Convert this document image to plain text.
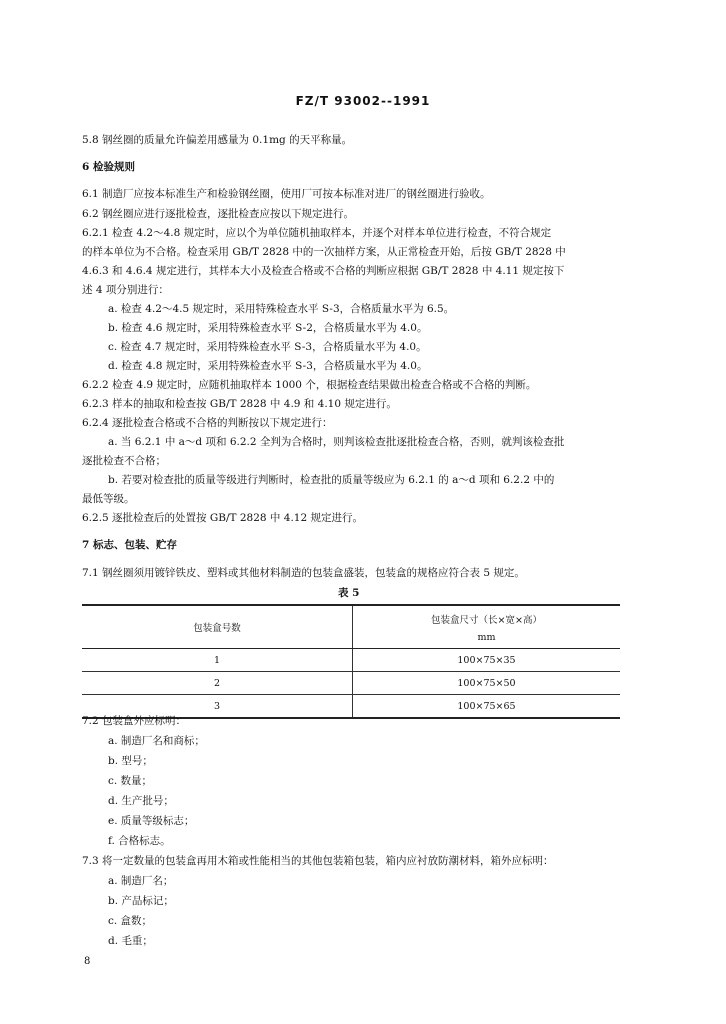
FZ/T 93002--1991
5.8 钢丝圈的质量允许偏差用感量为 0.1mg 的天平称量。
6 检验规则
6.1 制造厂应按本标准生产和检验钢丝圈，使用厂可按本标准对进厂的钢丝圈进行验收。
6.2 钢丝圈应进行逐批检查，逐批检查应按以下规定进行。
6.2.1 检查 4.2～4.8 规定时，应以个为单位随机抽取样本，并逐个对样本单位进行检查，不符合规定
的样本单位为不合格。检查采用 GB/T 2828 中的一次抽样方案，从正常检查开始，后按 GB/T 2828 中
4.6.3 和 4.6.4 规定进行，其样本大小及检查合格或不合格的判断应根据 GB/T 2828 中 4.11 规定按下
述 4 项分别进行：
a. 检查 4.2～4.5 规定时，采用特殊检查水平 S-3，合格质量水平为 6.5。
b. 检查 4.6 规定时，采用特殊检查水平 S-2，合格质量水平为 4.0。
c. 检查 4.7 规定时，采用特殊检查水平 S-3，合格质量水平为 4.0。
d. 检查 4.8 规定时，采用特殊检查水平 S-3，合格质量水平为 4.0。
6.2.2 检查 4.9 规定时，应随机抽取样本 1000 个，根据检查结果做出检查合格或不合格的判断。
6.2.3 样本的抽取和检查按 GB/T 2828 中 4.9 和 4.10 规定进行。
6.2.4 逐批检查合格或不合格的判断按以下规定进行：
a. 当 6.2.1 中 a～d 项和 6.2.2 全判为合格时，则判该检查批逐批检查合格，否则，就判该检查批
逐批检查不合格；
b. 若要对检查批的质量等级进行判断时，检查批的质量等级应为 6.2.1 的 a～d 项和 6.2.2 中的
最低等级。
6.2.5 逐批检查后的处置按 GB/T 2828 中 4.12 规定进行。
7 标志、包装、贮存
7.1 钢丝圈须用镀锌铁皮、塑料或其他材料制造的包装盒盛装，包装盒的规格应符合表 5 规定。
表 5
包装盒号数	包装盒尺寸（长×宽×高）
mm

1	100×75×35
2	100×75×50
3	100×75×65
7.2 包装盒外应标明：
a. 制造厂名和商标；
b. 型号；
c. 数量；
d. 生产批号；
e. 质量等级标志；
f. 合格标志。
7.3 将一定数量的包装盒再用木箱或性能相当的其他包装箱包装，箱内应衬放防潮材料，箱外应标明：
a. 制造厂名；
b. 产品标记；
c. 盒数；
d. 毛重；
8
